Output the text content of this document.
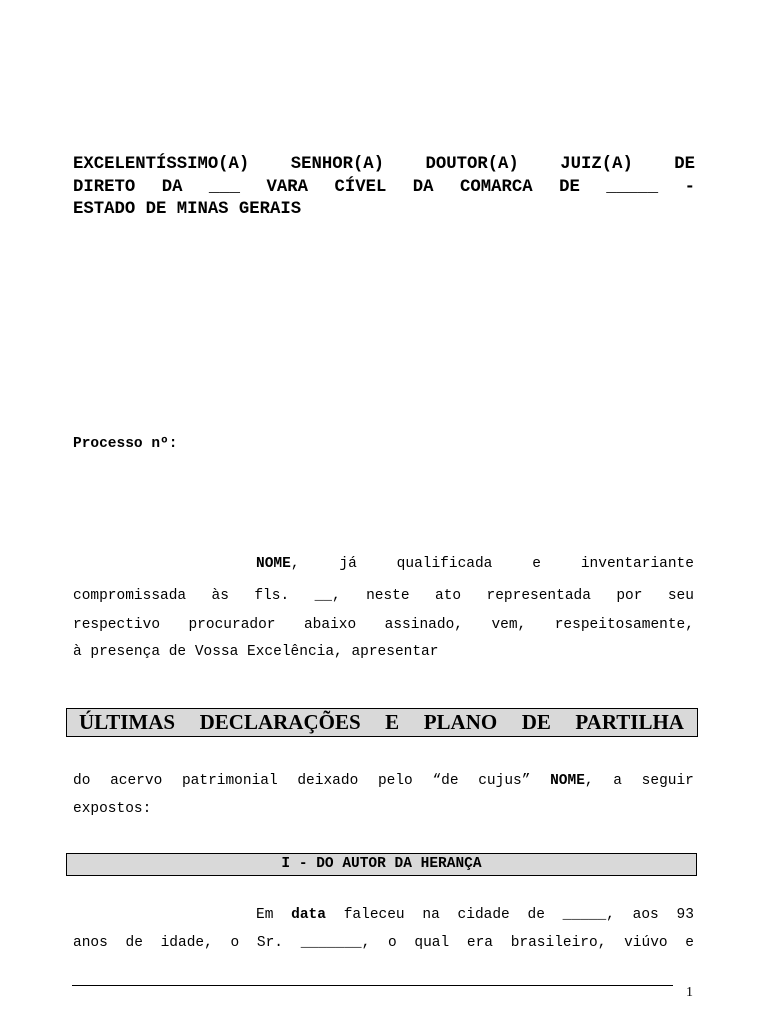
EXCELENTÍSSIMO(A) SENHOR(A) DOUTOR(A) JUIZ(A) DE
DIRETO DA ___ VARA CÍVEL DA COMARCA DE _____ -
ESTADO DE MINAS GERAIS
Processo nº:

NOME,	já	qualificada	e	inventariante

compromissada às fls. __, neste ato representada por seu

respectivo procurador abaixo assinado, vem, respeitosamente,

à presença de Vossa Excelência, apresentar

ÚLTIMAS DECLARAÇÕES E PLANO DE PARTILHA

do acervo patrimonial deixado pelo “de cujus” NOME, a seguir

expostos:

I - DO AUTOR DA HERANÇA

Em data faleceu na cidade de _____, aos 93

anos de idade, o Sr. _______, o qual era brasileiro, viúvo e

1
